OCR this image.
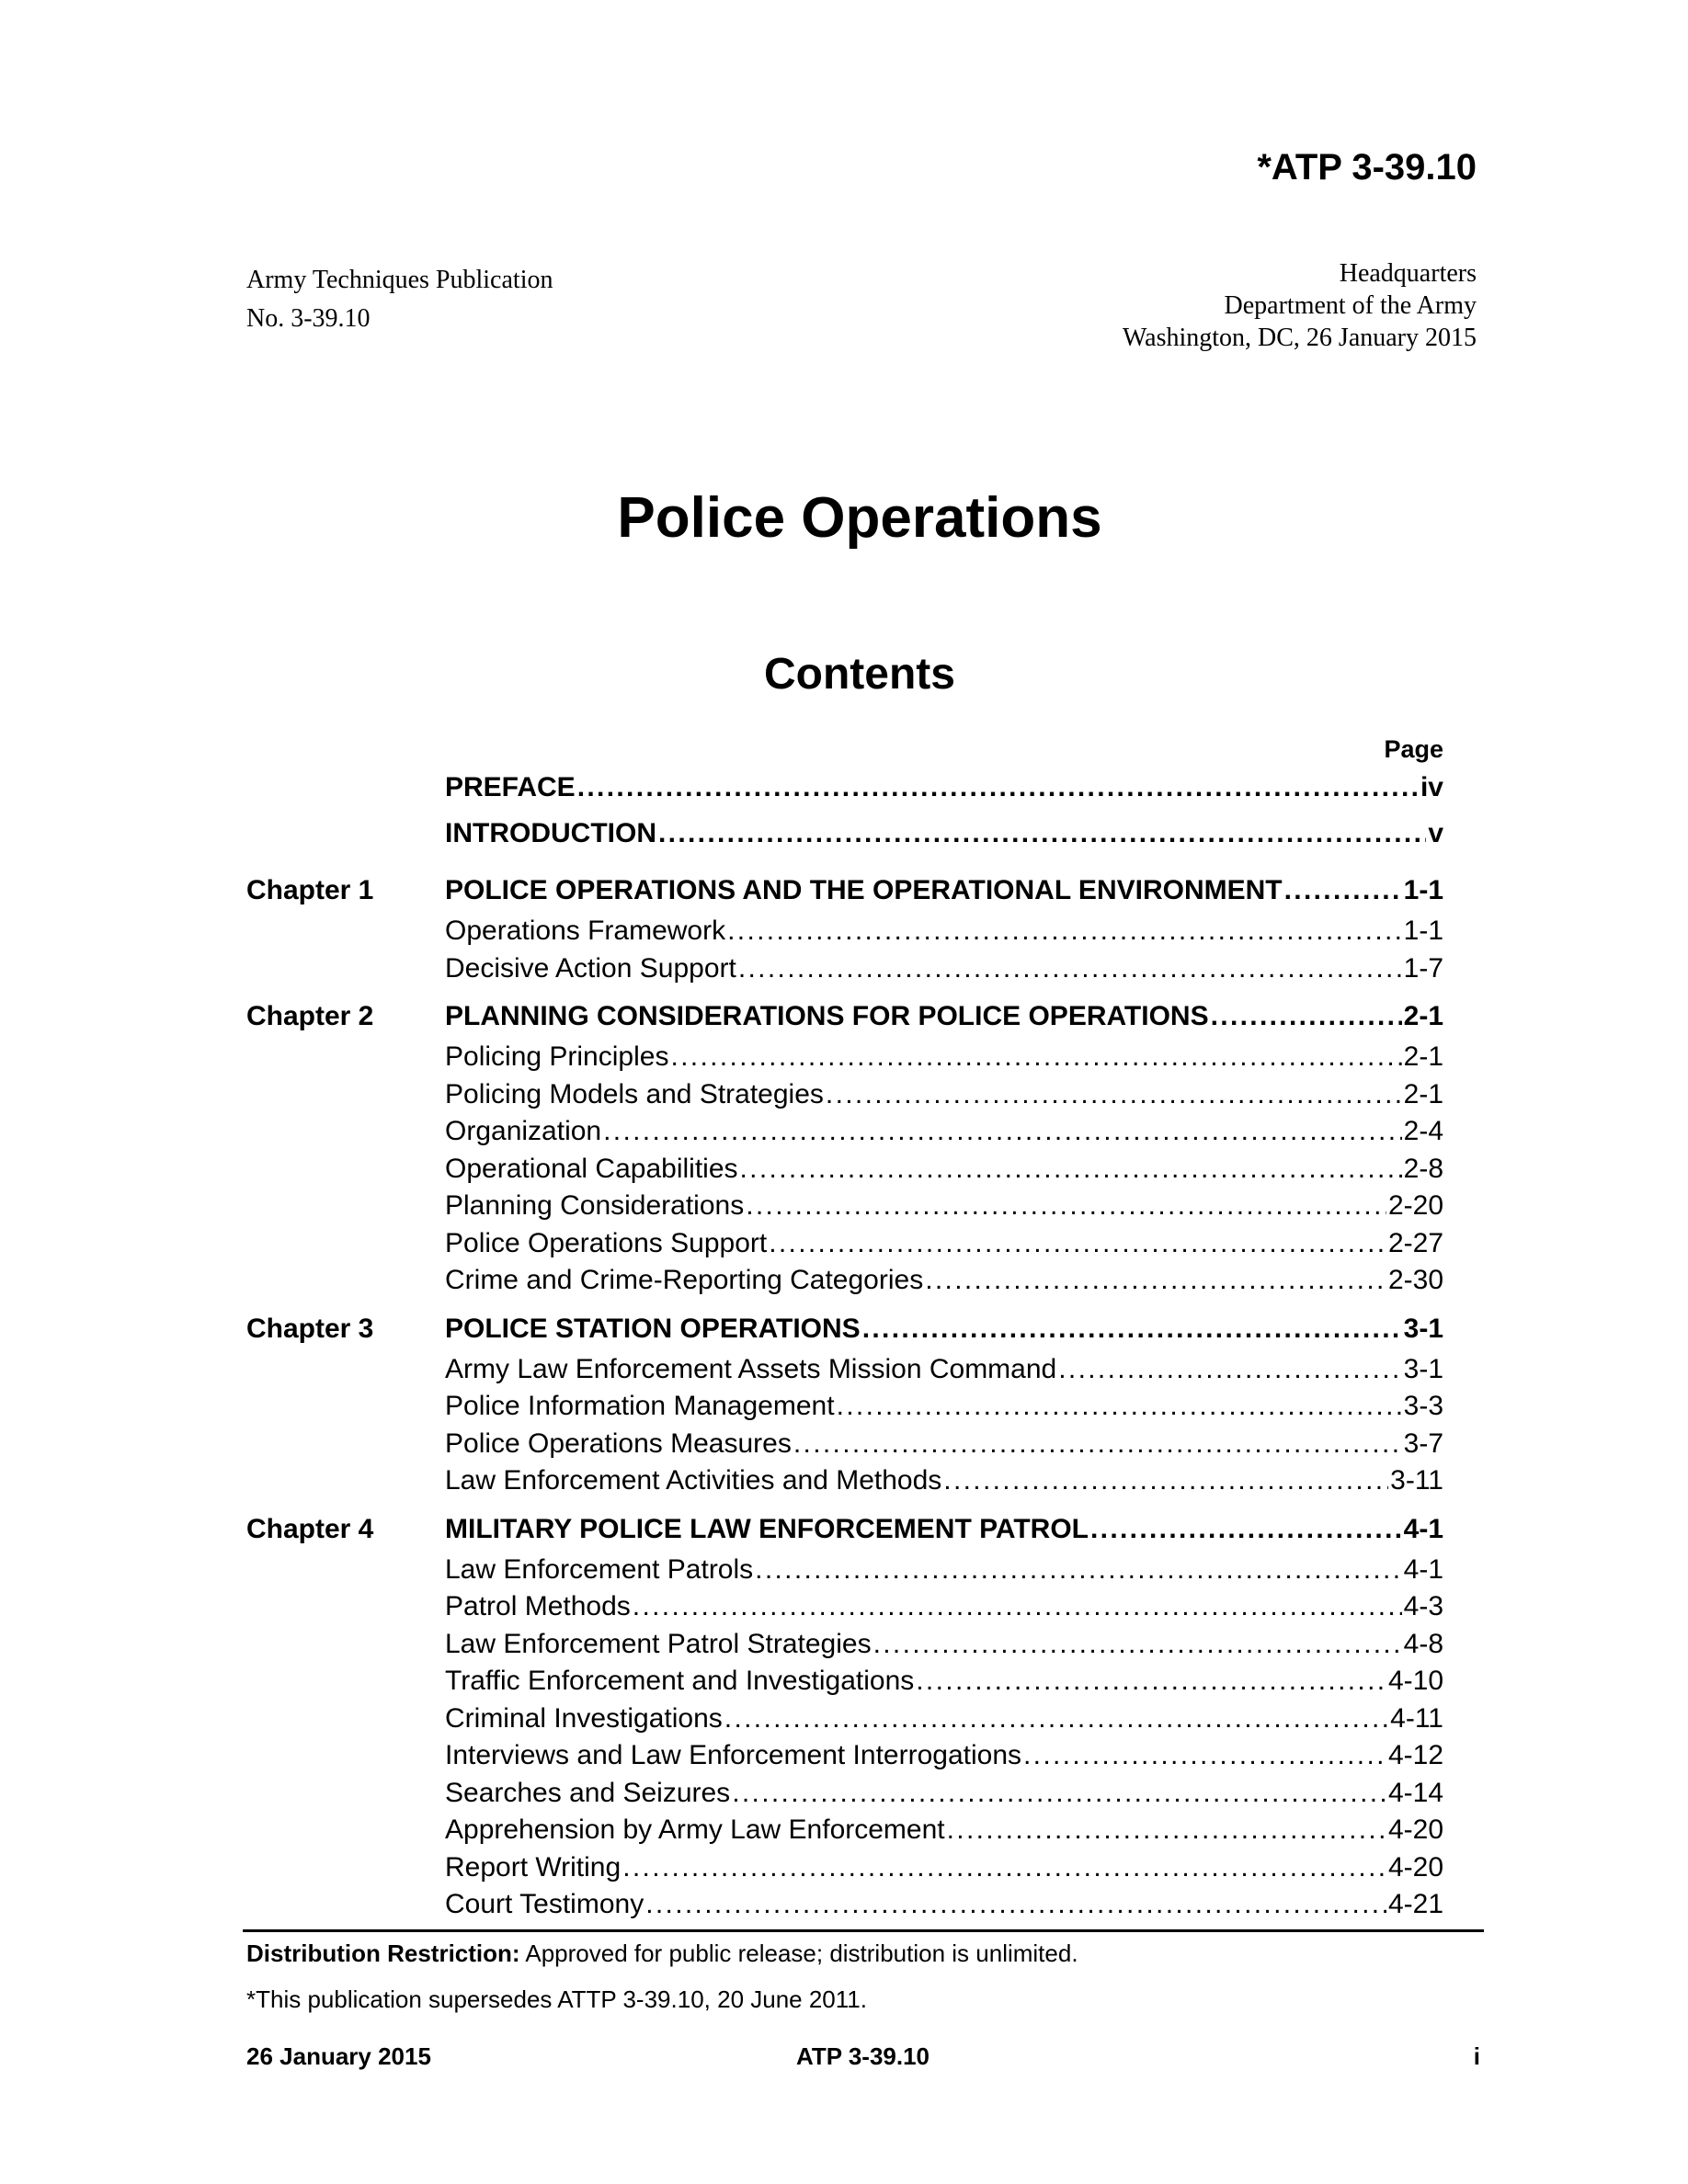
*ATP 3-39.10
Army Techniques Publication
No. 3-39.10
Headquarters
Department of the Army
Washington, DC, 26 January 2015
Police Operations
Contents
Page
PREFACE . . .	iv
INTRODUCTION . . .	v
Chapter 1	POLICE OPERATIONS AND THE OPERATIONAL ENVIRONMENT . . .	1-1
Operations Framework . . .	1-1
Decisive Action Support . . .	1-7
Chapter 2	PLANNING CONSIDERATIONS FOR POLICE OPERATIONS . . .	2-1
Policing Principles . . .	2-1
Policing Models and Strategies . . .	2-1
Organization . . .	2-4
Operational Capabilities . . .	2-8
Planning Considerations . . .	2-20
Police Operations Support . . .	2-27
Crime and Crime-Reporting Categories . . .	2-30
Chapter 3	POLICE STATION OPERATIONS . . .	3-1
Army Law Enforcement Assets Mission Command . . .	3-1
Police Information Management . . .	3-3
Police Operations Measures . . .	3-7
Law Enforcement Activities and Methods . . .	3-11
Chapter 4	MILITARY POLICE LAW ENFORCEMENT PATROL . . .	4-1
Law Enforcement Patrols . . .	4-1
Patrol Methods . . .	4-3
Law Enforcement Patrol Strategies . . .	4-8
Traffic Enforcement and Investigations . . .	4-10
Criminal Investigations . . .	4-11
Interviews and Law Enforcement Interrogations . . .	4-12
Searches and Seizures . . .	4-14
Apprehension by Army Law Enforcement . . .	4-20
Report Writing . . .	4-20
Court Testimony . . .	4-21
Distribution Restriction: Approved for public release; distribution is unlimited.
*This publication supersedes ATTP 3-39.10, 20 June 2011.
26 January 2015	ATP 3-39.10	i
